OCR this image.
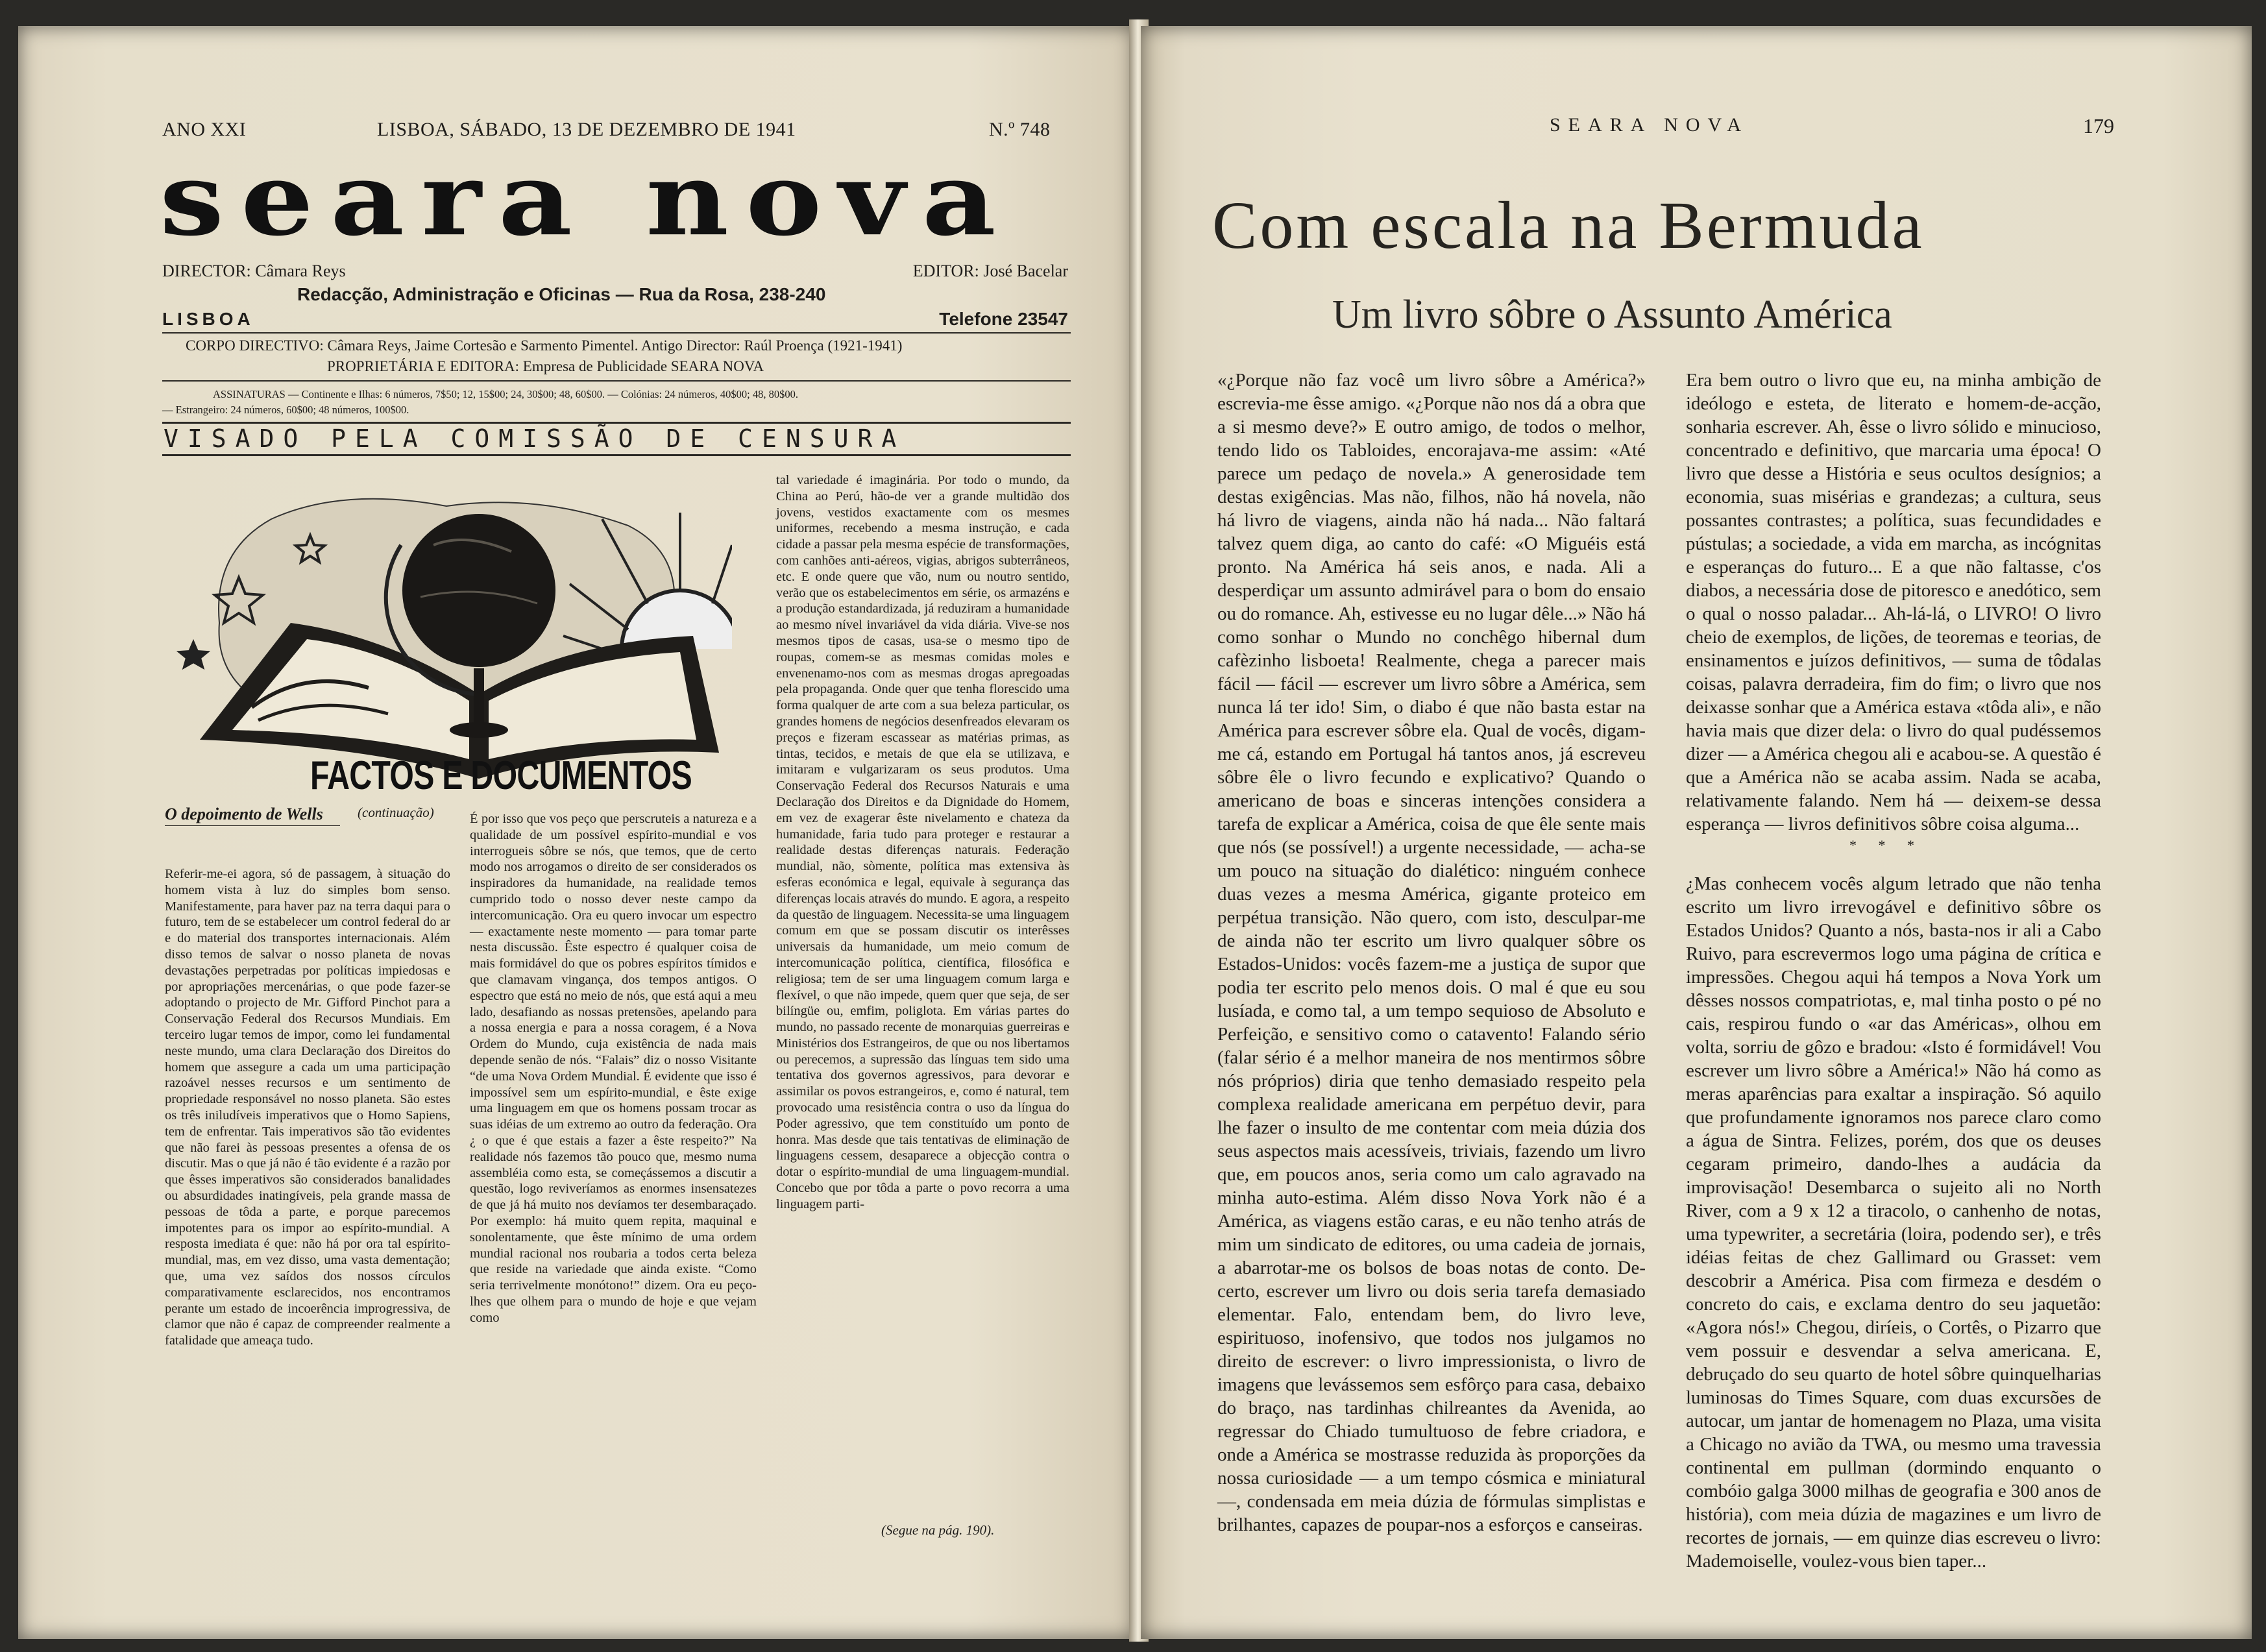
ANO XXI	LISBOA, SÁBADO, 13 DE DEZEMBRO DE 1941	N.º 748
seara nova
DIRECTOR: Câmara Reys	EDITOR: José Bacelar
Redacção, Administração e Oficinas — Rua da Rosa, 238-240
LISBOA	Telefone 23547
CORPO DIRECTIVO: Câmara Reys, Jaime Cortesão e Sarmento Pimentel. Antigo Director: Raúl Proença (1921-1941)
PROPRIETÁRIA E EDITORA: Empresa de Publicidade SEARA NOVA
ASSINATURAS — Continente e Ilhas: 6 números, 7$50; 12, 15$00; 24, 30$00; 48, 60$00. — Colónias: 24 números, 40$00; 48, 80$00.
— Estrangeiro: 24 números, 60$00; 48 números, 100$00.
VISADO PELA COMISSÃO DE CENSURA
FACTOS E DOCUMENTOS
O depoimento de Wells	(continuação)
Referir-me-ei agora, só de passagem, à situação do homem vista à luz do simples bom senso. Manifestamente, para haver paz na terra daqui para o futuro, tem de se estabelecer um control federal do ar e do material dos transportes internacionais. Além disso temos de salvar o nosso planeta de novas devastações perpetradas por políticas impiedosas e por apropriações mercenárias, o que pode fazer-se adoptando o projecto de Mr. Gifford Pinchot para a Conservação Federal dos Recursos Mundiais. Em terceiro lugar temos de impor, como lei fundamental neste mundo, uma clara Declaração dos Direitos do homem que assegure a cada um uma participação razoável nesses recursos e um sentimento de propriedade responsável no nosso planeta. São estes os três iniludíveis imperativos que o Homo Sapiens, tem de enfrentar. Tais imperativos são tão evidentes que não farei às pessoas presentes a ofensa de os discutir. Mas o que já não é tão evidente é a razão por que êsses imperativos são considerados banalidades ou absurdidades inatingíveis, pela grande massa de pessoas de tôda a parte, e porque parecemos impotentes para os impor ao espírito-mundial. A resposta imediata é que: não há por ora tal espírito-mundial, mas, em vez disso, uma vasta dementação; que, uma vez saídos dos nossos círculos comparativamente esclarecidos, nos encontramos perante um estado de incoerência improgressiva, de clamor que não é capaz de compreender realmente a fatalidade que ameaça tudo.
É por isso que vos peço que perscruteis a natureza e a qualidade de um possível espírito-mundial e vos interrogueis sôbre se nós, que temos, que de certo modo nos arrogamos o direito de ser considerados os inspiradores da humanidade, na realidade temos cumprido todo o nosso dever neste campo da intercomunicação. Ora eu quero invocar um espectro — exactamente neste momento — para tomar parte nesta discussão. Êste espectro é qualquer coisa de mais formidável do que os pobres espíritos tímidos e que clamavam vingança, dos tempos antigos. O espectro que está no meio de nós, que está aqui a meu lado, desafiando as nossas pretensões, apelando para a nossa energia e para a nossa coragem, é a Nova Ordem do Mundo, cuja existência de nada mais depende senão de nós. “Falais” diz o nosso Visitante “de uma Nova Ordem Mundial. É evidente que isso é impossível sem um espírito-mundial, e êste exige uma linguagem em que os homens possam trocar as suas idéias de um extremo ao outro da federação. Ora ¿ o que é que estais a fazer a êste respeito?” Na realidade nós fazemos tão pouco que, mesmo numa assembléia como esta, se começássemos a discutir a questão, logo reviveríamos as enormes insensatezes de que já há muito nos devíamos ter desembaraçado. Por exemplo: há muito quem repita, maquinal e sonolentamente, que êste mínimo de uma ordem mundial racional nos roubaria a todos certa beleza que reside na variedade que ainda existe. “Como seria terrivelmente monótono!” dizem. Ora eu peço-lhes que olhem para o mundo de hoje e que vejam como
tal variedade é imaginária. Por todo o mundo, da China ao Perú, hão-de ver a grande multidão dos jovens, vestidos exactamente com os mesmes uniformes, recebendo a mesma instrução, e cada cidade a passar pela mesma espécie de transformações, com canhões anti-aéreos, vigias, abrigos subterrâneos, etc. E onde quere que vão, num ou noutro sentido, verão que os estabelecimentos em série, os armazéns e a produção estandardizada, já reduziram a humanidade ao mesmo nível invariável da vida diária. Vive-se nos mesmos tipos de casas, usa-se o mesmo tipo de roupas, comem-se as mesmas comidas moles e envenenamo-nos com as mesmas drogas apregoadas pela propaganda. Onde quer que tenha florescido uma forma qualquer de arte com a sua beleza particular, os grandes homens de negócios desenfreados elevaram os preços e fizeram escassear as matérias primas, as tintas, tecidos, e metais de que ela se utilizava, e imitaram e vulgarizaram os seus produtos. Uma Conservação Federal dos Recursos Naturais e uma Declaração dos Direitos e da Dignidade do Homem, em vez de exagerar êste nivelamento e chateza da humanidade, faria tudo para proteger e restaurar a realidade destas diferenças naturais. Federação mundial, não, sòmente, política mas extensiva às esferas económica e legal, equivale à segurança das diferenças locais através do mundo. E agora, a respeito da questão de linguagem. Necessita-se uma linguagem comum em que se possam discutir os interêsses universais da humanidade, um meio comum de intercomunicação política, científica, filosófica e religiosa; tem de ser uma linguagem comum larga e flexível, o que não impede, quem quer que seja, de ser bilíngüe ou, emfim, poliglota. Em várias partes do mundo, no passado recente de monarquias guerreiras e Ministérios dos Estrangeiros, de que ou nos libertamos ou perecemos, a supressão das línguas tem sido uma tentativa dos governos agressivos, para devorar e assimilar os povos estrangeiros, e, como é natural, tem provocado uma resistência contra o uso da língua do Poder agressivo, que tem constituído um ponto de honra. Mas desde que tais tentativas de eliminação de linguagens cessem, desaparece a objecção contra o dotar o espírito-mundial de uma linguagem-mundial. Concebo que por tôda a parte o povo recorra a uma linguagem parti-
(Segue na pág. 190).
SEARA NOVA	179
Com escala na Bermuda
Um livro sôbre o Assunto América
«¿Porque não faz você um livro sôbre a América?» escrevia-me êsse amigo. «¿Porque não nos dá a obra que a si mesmo deve?» E outro amigo, de todos o melhor, tendo lido os Tabloides, encorajava-me assim: «Até parece um pedaço de novela.» A generosidade tem destas exigências. Mas não, filhos, não há novela, não há livro de viagens, ainda não há nada... Não faltará talvez quem diga, ao canto do café: «O Miguéis está pronto. Na América há seis anos, e nada. Ali a desperdiçar um assunto admirável para o bom do ensaio ou do romance. Ah, estivesse eu no lugar dêle...» Não há como sonhar o Mundo no conchêgo hibernal dum cafèzinho lisboeta! Realmente, chega a parecer mais fácil — fácil — escrever um livro sôbre a América, sem nunca lá ter ido! Sim, o diabo é que não basta estar na América para escrever sôbre ela. Qual de vocês, digam-me cá, estando em Portugal há tantos anos, já escreveu sôbre êle o livro fecundo e explicativo? Quando o americano de boas e sinceras intenções considera a tarefa de explicar a América, coisa de que êle sente mais que nós (se possível!) a urgente necessidade, — acha-se um pouco na situação do dialético: ninguém conhece duas vezes a mesma América, gigante proteico em perpétua transição. Não quero, com isto, desculpar-me de ainda não ter escrito um livro qualquer sôbre os Estados-Unidos: vocês fazem-me a justiça de supor que podia ter escrito pelo menos dois. O mal é que eu sou lusíada, e como tal, a um tempo sequioso de Absoluto e Perfeição, e sensitivo como o catavento! Falando sério (falar sério é a melhor maneira de nos mentirmos sôbre nós próprios) diria que tenho demasiado respeito pela complexa realidade americana em perpétuo devir, para lhe fazer o insulto de me contentar com meia dúzia dos seus aspectos mais acessíveis, triviais, fazendo um livro que, em poucos anos, seria como um calo agravado na minha auto-estima. Além disso Nova York não é a América, as viagens estão caras, e eu não tenho atrás de mim um sindicato de editores, ou uma cadeia de jornais, a abarrotar-me os bolsos de boas notas de conto. De-certo, escrever um livro ou dois seria tarefa demasiado elementar. Falo, entendam bem, do livro leve, espirituoso, inofensivo, que todos nos julgamos no direito de escrever: o livro impressionista, o livro de imagens que levássemos sem esfôrço para casa, debaixo do braço, nas tardinhas chilreantes da Avenida, ao regressar do Chiado tumultuoso de febre criadora, e onde a América se mostrasse reduzida às proporções da nossa curiosidade — a um tempo cósmica e miniatural —, condensada em meia dúzia de fórmulas simplistas e brilhantes, capazes de poupar-nos a esforços e canseiras.
Era bem outro o livro que eu, na minha ambição de ideólogo e esteta, de literato e homem-de-acção, sonharia escrever. Ah, êsse o livro sólido e minucioso, concentrado e definitivo, que marcaria uma época! O livro que desse a História e seus ocultos desígnios; a economia, suas misérias e grandezas; a cultura, seus possantes contrastes; a política, suas fecundidades e pústulas; a sociedade, a vida em marcha, as incógnitas e esperanças do futuro... E a que não faltasse, c'os diabos, a necessária dose de pitoresco e anedótico, sem o qual o nosso paladar... Ah-lá-lá, o LIVRO! O livro cheio de exemplos, de lições, de teoremas e teorias, de ensinamentos e juízos definitivos, — suma de tôdalas coisas, palavra derradeira, fim do fim; o livro que nos deixasse sonhar que a América estava «tôda ali», e não havia mais que dizer dela: o livro do qual pudéssemos dizer — a América chegou ali e acabou-se. A questão é que a América não se acaba assim. Nada se acaba, relativamente falando. Nem há — deixem-se dessa esperança — livros definitivos sôbre coisa alguma...
* * *
¿Mas conhecem vocês algum letrado que não tenha escrito um livro irrevogável e definitivo sôbre os Estados Unidos? Quanto a nós, basta-nos ir ali a Cabo Ruivo, para escrevermos logo uma página de crítica e impressões. Chegou aqui há tempos a Nova York um dêsses nossos compatriotas, e, mal tinha posto o pé no cais, respirou fundo o «ar das Américas», olhou em volta, sorriu de gôzo e bradou: «Isto é formidável! Vou escrever um livro sôbre a América!» Não há como as meras aparências para exaltar a inspiração. Só aquilo que profundamente ignoramos nos parece claro como a água de Sintra. Felizes, porém, dos que os deuses cegaram primeiro, dando-lhes a audácia da improvisação! Desembarca o sujeito ali no North River, com a 9 x 12 a tiracolo, o canhenho de notas, uma typewriter, a secretária (loira, podendo ser), e três idéias feitas de chez Gallimard ou Grasset: vem descobrir a América. Pisa com firmeza e desdém o concreto do cais, e exclama dentro do seu jaquetão: «Agora nós!» Chegou, diríeis, o Cortês, o Pizarro que vem possuir e desvendar a selva americana. E, debruçado do seu quarto de hotel sôbre quinquelharias luminosas do Times Square, com duas excursões de autocar, um jantar de homenagem no Plaza, uma visita a Chicago no avião da TWA, ou mesmo uma travessia continental em pullman (dormindo enquanto o combóio galga 3000 milhas de geografia e 300 anos de história), com meia dúzia de magazines e um livro de recortes de jornais, — em quinze dias escreveu o livro: Mademoiselle, voulez-vous bien taper...
